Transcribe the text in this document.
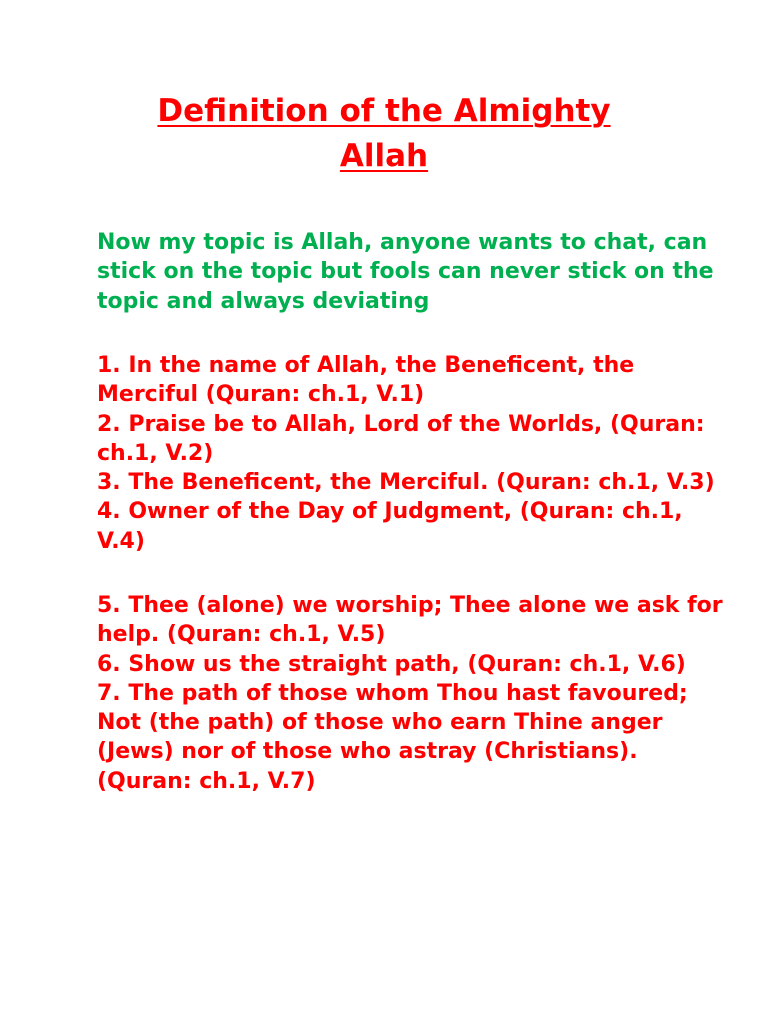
Definition of the Almighty
Allah

Now my topic is Allah, anyone wants to chat, can stick on the topic but fools can never stick on the topic and always deviating

1. In the name of Allah, the Beneficent, the Merciful (Quran: ch.1, V.1)
2. Praise be to Allah, Lord of the Worlds, (Quran: ch.1, V.2)
3. The Beneficent, the Merciful. (Quran: ch.1, V.3)
4. Owner of the Day of Judgment, (Quran: ch.1, V.4)
5. Thee (alone) we worship; Thee alone we ask for help. (Quran: ch.1, V.5)
6. Show us the straight path, (Quran: ch.1, V.6)
7. The path of those whom Thou hast favoured; Not (the path) of those who earn Thine anger (Jews) nor of those who astray (Christians). (Quran: ch.1, V.7)
